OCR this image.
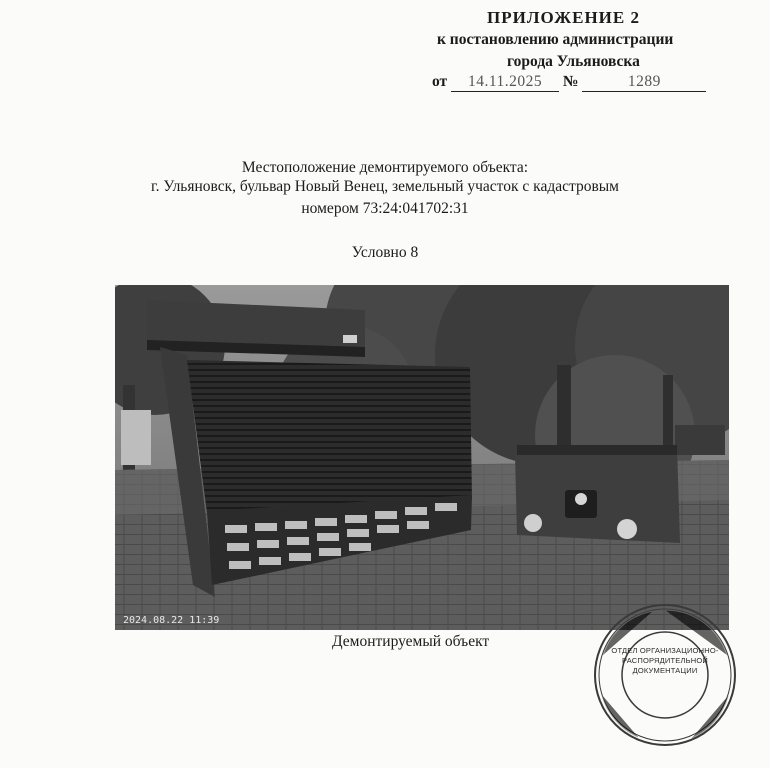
ПРИЛОЖЕНИЕ 2
к постановлению администрации
города Ульяновска
от 14.11.2025 №	1289
Местоположение демонтируемого объекта:
г. Ульяновск, бульвар Новый Венец, земельный участок с кадастровым
номером 73:24:041702:31
Условно 8
2024.08.22 11:39
Демонтируемый объект
ОТДЕЛ ОРГАНИЗАЦИОННО-РАСПОРЯДИТЕЛЬНОЙ ДОКУМЕНТАЦИИ
